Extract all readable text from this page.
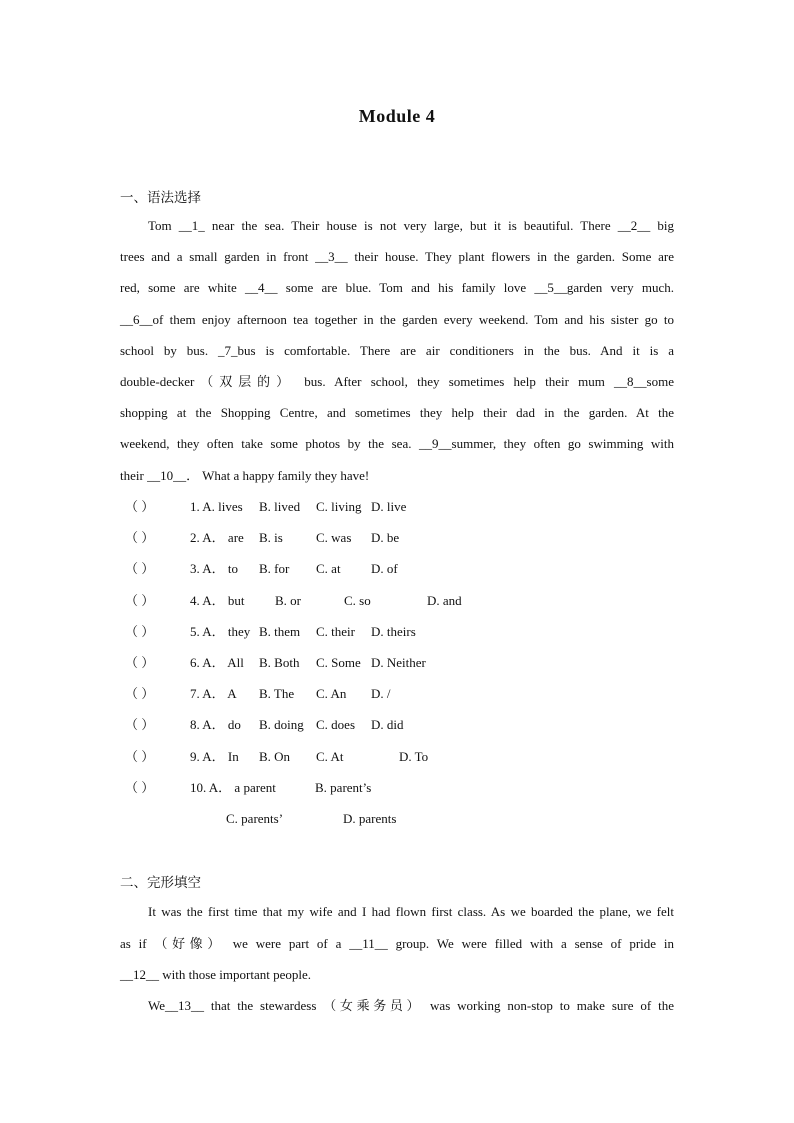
Module 4
一、语法选择
Tom __1_ near the sea. Their house is not very large, but it is beautiful. There __2__ big
trees and a small garden in front __3__ their house. They plant flowers in the garden. Some are
red, some are white __4__ some are blue. Tom and his family love __5__garden very much.
__6__of them enjoy afternoon tea together in the garden every weekend. Tom and his sister go to
school by bus. _7_bus is comfortable. There are air conditioners in the bus. And it is a
double-decker（双层的） bus. After school, they sometimes help their mum __8__some
shopping at the Shopping Centre, and sometimes they help their dad in the garden. At the
weekend, they often take some photos by the sea. __9__summer, they often go swimming with
their __10__． What a happy family they have!
（ ）	1. A. lives B. lived C. living D. live
（ ）	2. A． are B. is	C. was D. be
（ ）	3. A． to B. for C. at D. of
（ ）	4. A． but B. or	C. so	D. and
（ ）	5. A． they B. them C. their D. theirs
（ ）	6. A． All B. Both C. Some D. Neither
（ ）	7. A． A B. The C. An D. /
（ ）	8. A． do B. doing C. does D. did
（ ）	9. A． In B. On C. At	D. To
（ ）	10. A． a parent	B. parent’s
C. parents’	D. parents
二、完形填空
It was the first time that my wife and I had flown first class. As we boarded the plane, we felt
as if （好像） we were part of a __11__ group. We were filled with a sense of pride in
__12__ with those important people.
We__13__ that the stewardess （女乘务员） was working non-stop to make sure of the
